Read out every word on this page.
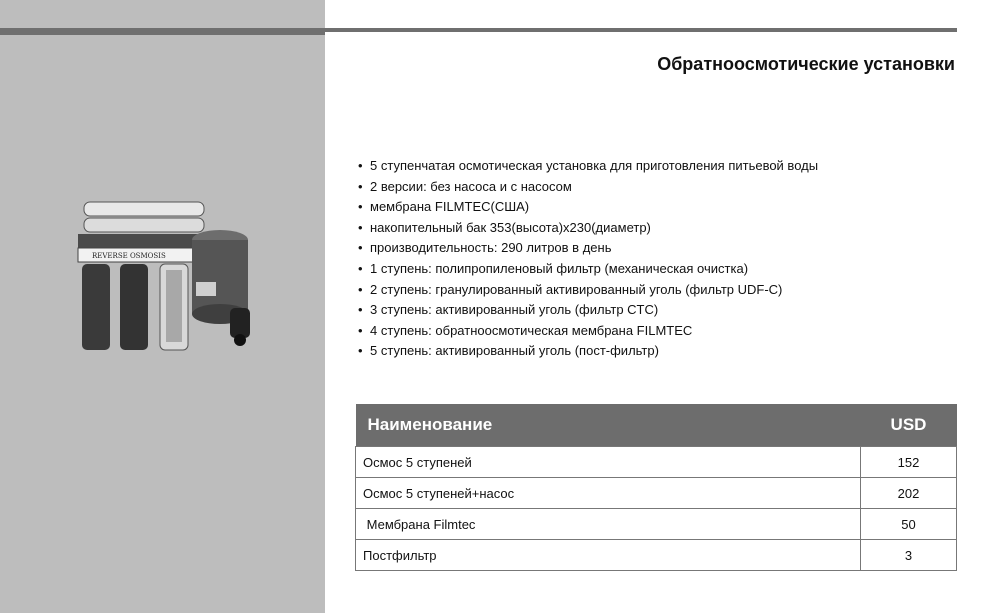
REVERSE OSMOSIS
Обратноосмотические установки
• 5 ступенчатая осмотическая установка для приготовления питьевой воды
• 2 версии: без насоса и с насосом
• мембрана FILMTEC(США)
• накопительный бак 353(высота)x230(диаметр)
• производительность: 290 литров в день
• 1 ступень: полипропиленовый фильтр (механическая очистка)
• 2 ступень: гранулированный активированный уголь (фильтр UDF-C)
• 3 ступень: активированный уголь (фильтр CTC)
• 4 ступень: обратноосмотическая мембрана FILMTEC
• 5 ступень: активированный уголь (пост-фильтр)
Наименование	USD
Осмос 5 ступеней	152
Осмос 5 ступеней+насос	202
Мембрана Filmtec	50
Постфильтр	3
